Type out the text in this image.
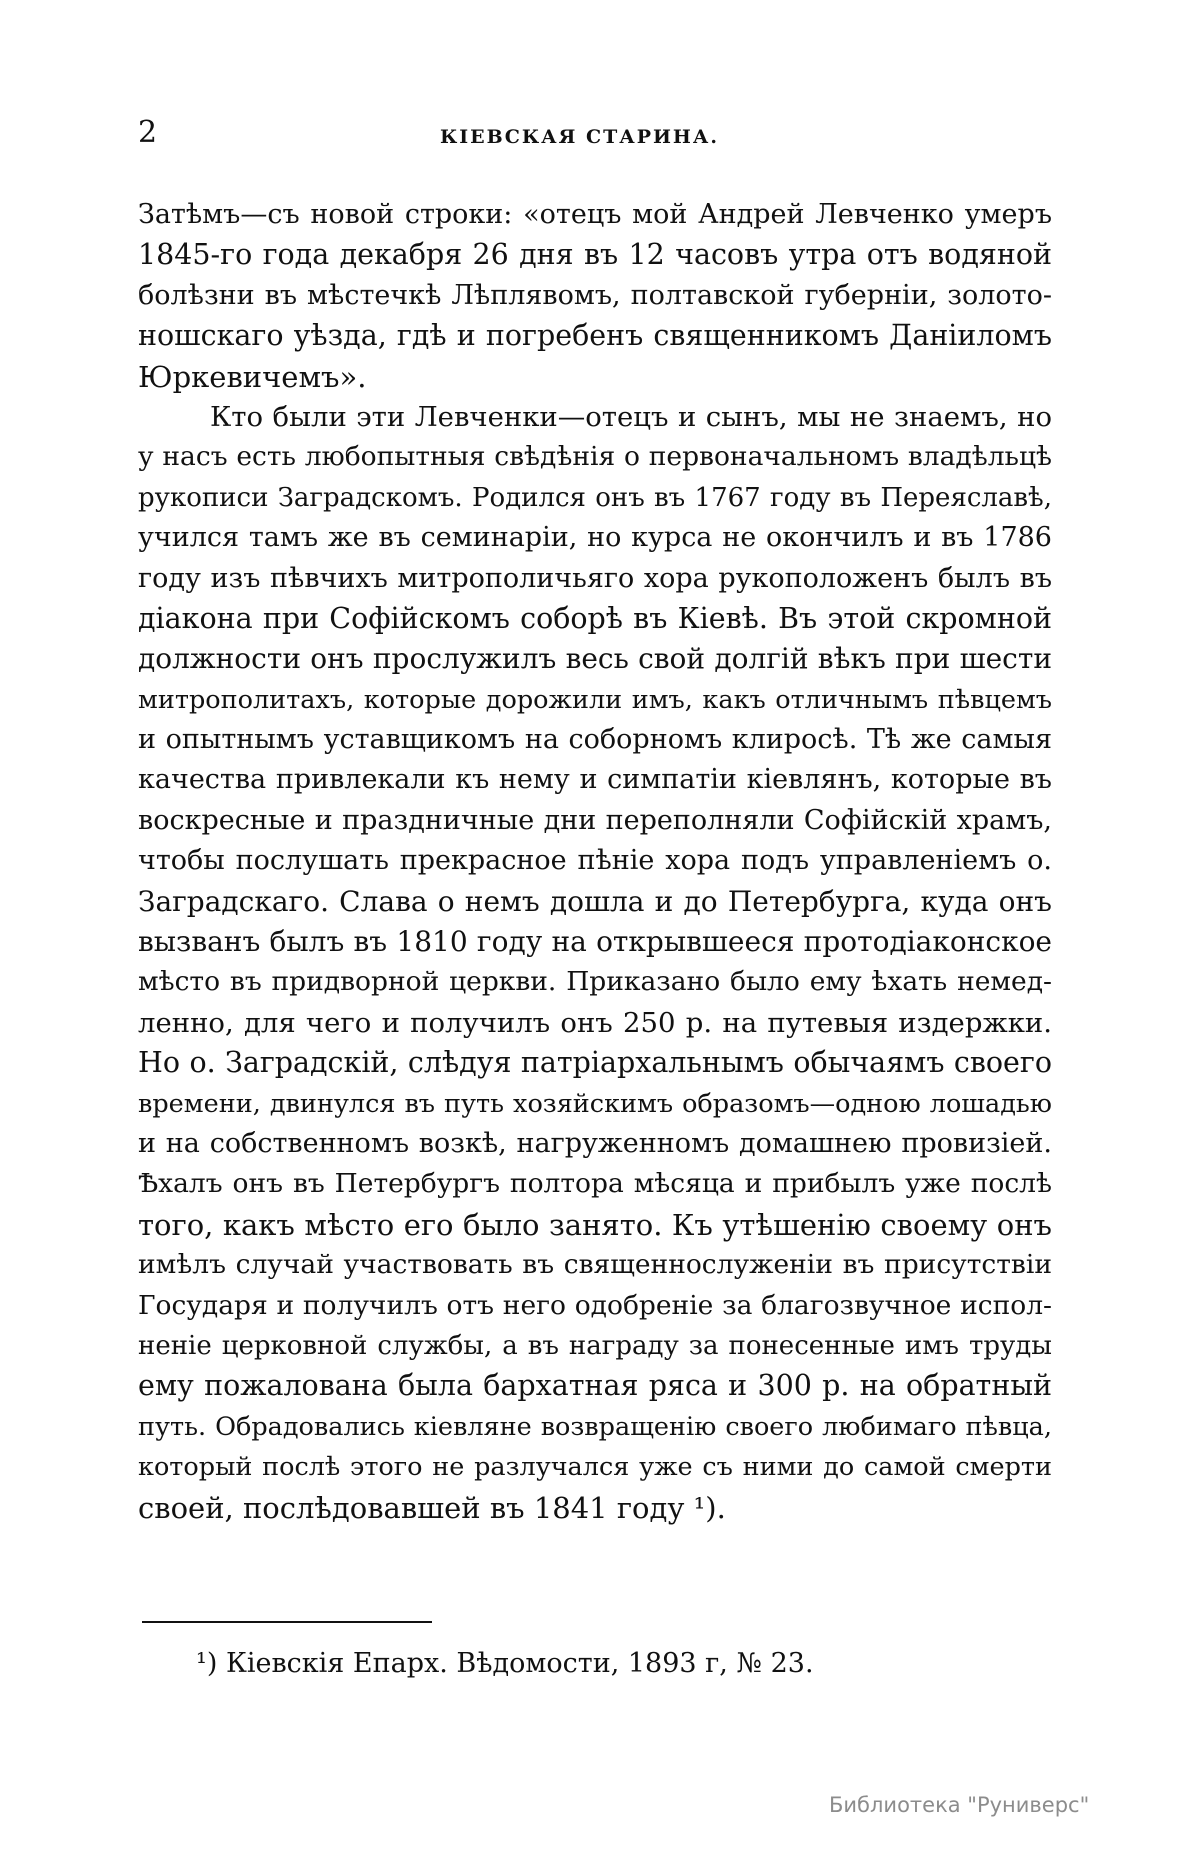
2	КІЕВСКАЯ СТАРИНА.
Затѣмъ—съ новой строки: «отецъ мой Андрей Левченко умеръ
1845-го года декабря 26 дня въ 12 часовъ утра отъ водяной
болѣзни въ мѣстечкѣ Лѣплявомъ, полтавской губерніи, золото-
ношскаго уѣзда, гдѣ и погребенъ священникомъ Даніиломъ
Юркевичемъ».
Кто были эти Левченки—отецъ и сынъ, мы не знаемъ, но
у насъ есть любопытныя свѣдѣнія о первоначальномъ владѣльцѣ
рукописи Заградскомъ. Родился онъ въ 1767 году въ Переяславѣ,
учился тамъ же въ семинаріи, но курса не окончилъ и въ 1786
году изъ пѣвчихъ митрополичьяго хора рукоположенъ былъ въ
діакона при Софійскомъ соборѣ въ Кіевѣ. Въ этой скромной
должности онъ прослужилъ весь свой долгій вѣкъ при шести
митрополитахъ, которые дорожили имъ, какъ отличнымъ пѣвцемъ
и опытнымъ уставщикомъ на соборномъ клиросѣ. Тѣ же самыя
качества привлекали къ нему и симпатіи кіевлянъ, которые въ
воскресные и праздничные дни переполняли Софійскій храмъ,
чтобы послушать прекрасное пѣніе хора подъ управленіемъ о.
Заградскаго. Слава о немъ дошла и до Петербурга, куда онъ
вызванъ былъ въ 1810 году на открывшееся протодіаконское
мѣсто въ придворной церкви. Приказано было ему ѣхать немед-
ленно, для чего и получилъ онъ 250 р. на путевыя издержки.
Но о. Заградскій, слѣдуя патріархальнымъ обычаямъ своего
времени, двинулся въ путь хозяйскимъ образомъ—одною лошадью
и на собственномъ возкѣ, нагруженномъ домашнею провизіей.
Ѣхалъ онъ въ Петербургъ полтора мѣсяца и прибылъ уже послѣ
того, какъ мѣсто его было занято. Къ утѣшенію своему онъ
имѣлъ случай участвовать въ священнослуженіи въ присутствіи
Государя и получилъ отъ него одобреніе за благозвучное испол-
неніе церковной службы, а въ награду за понесенные имъ труды
ему пожалована была бархатная ряса и 300 р. на обратный
путь. Обрадовались кіевляне возвращенію своего любимаго пѣвца,
который послѣ этого не разлучался уже съ ними до самой смерти
своей, послѣдовавшей въ 1841 году ¹).
¹) Кіевскія Епарх. Вѣдомости, 1893 г, № 23.
Библиотека "Руниверс"
